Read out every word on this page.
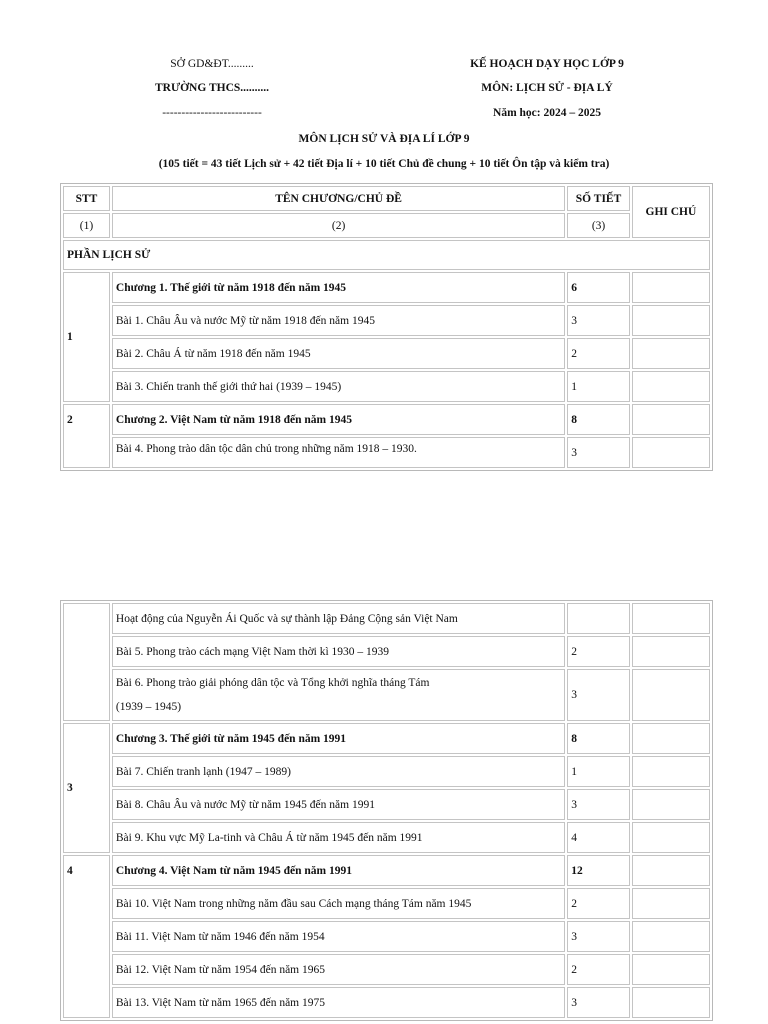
SỞ GD&ĐT.........
TRƯỜNG THCS..........
--------------------------
KẾ HOẠCH DẠY HỌC LỚP 9
MÔN: LỊCH SỬ - ĐỊA LÝ
Năm học: 2024 – 2025
MÔN LỊCH SỬ VÀ ĐỊA LÍ LỚP 9
(105 tiết = 43 tiết Lịch sử + 42 tiết Địa lí + 10 tiết Chủ đề chung + 10 tiết Ôn tập và kiểm tra)
STT	TÊN CHƯƠNG/CHỦ ĐỀ	SỐ TIẾT	GHI CHÚ
(1)	(2)	(3)	
PHẦN LỊCH SỬ			
1	Chương 1. Thế giới từ năm 1918 đến năm 1945	6	
	Bài 1. Châu Âu và nước Mỹ từ năm 1918 đến năm 1945	3	
	Bài 2. Châu Á từ năm 1918 đến năm 1945	2	
	Bài 3. Chiến tranh thế giới thứ hai (1939 – 1945)	1	
2	Chương 2. Việt Nam từ năm 1918 đến năm 1945	8	
	Bài 4. Phong trào dân tộc dân chủ trong những năm 1918 – 1930.	3	
	Hoạt động của Nguyễn Ái Quốc và sự thành lập Đảng Cộng sản Việt Nam		
	Bài 5. Phong trào cách mạng Việt Nam thời kì 1930 – 1939	2	

	Bài 6. Phong trào giải phóng dân tộc và Tổng khởi nghĩa tháng Tám
(1939 – 1945)	3	
3	Chương 3. Thế giới từ năm 1945 đến năm 1991	8	
	Bài 7. Chiến tranh lạnh (1947 – 1989)	1	
	Bài 8. Châu Âu và nước Mỹ từ năm 1945 đến năm 1991	3	
	Bài 9. Khu vực Mỹ La-tinh và Châu Á từ năm 1945 đến năm 1991	4	
4	Chương 4. Việt Nam từ năm 1945 đến năm 1991	12	
	Bài 10. Việt Nam trong những năm đầu sau Cách mạng tháng Tám năm 1945	2	
	Bài 11. Việt Nam từ năm 1946 đến năm 1954	3	
	Bài 12. Việt Nam từ năm 1954 đến năm 1965	2	
	Bài 13. Việt Nam từ năm 1965 đến năm 1975	3	
